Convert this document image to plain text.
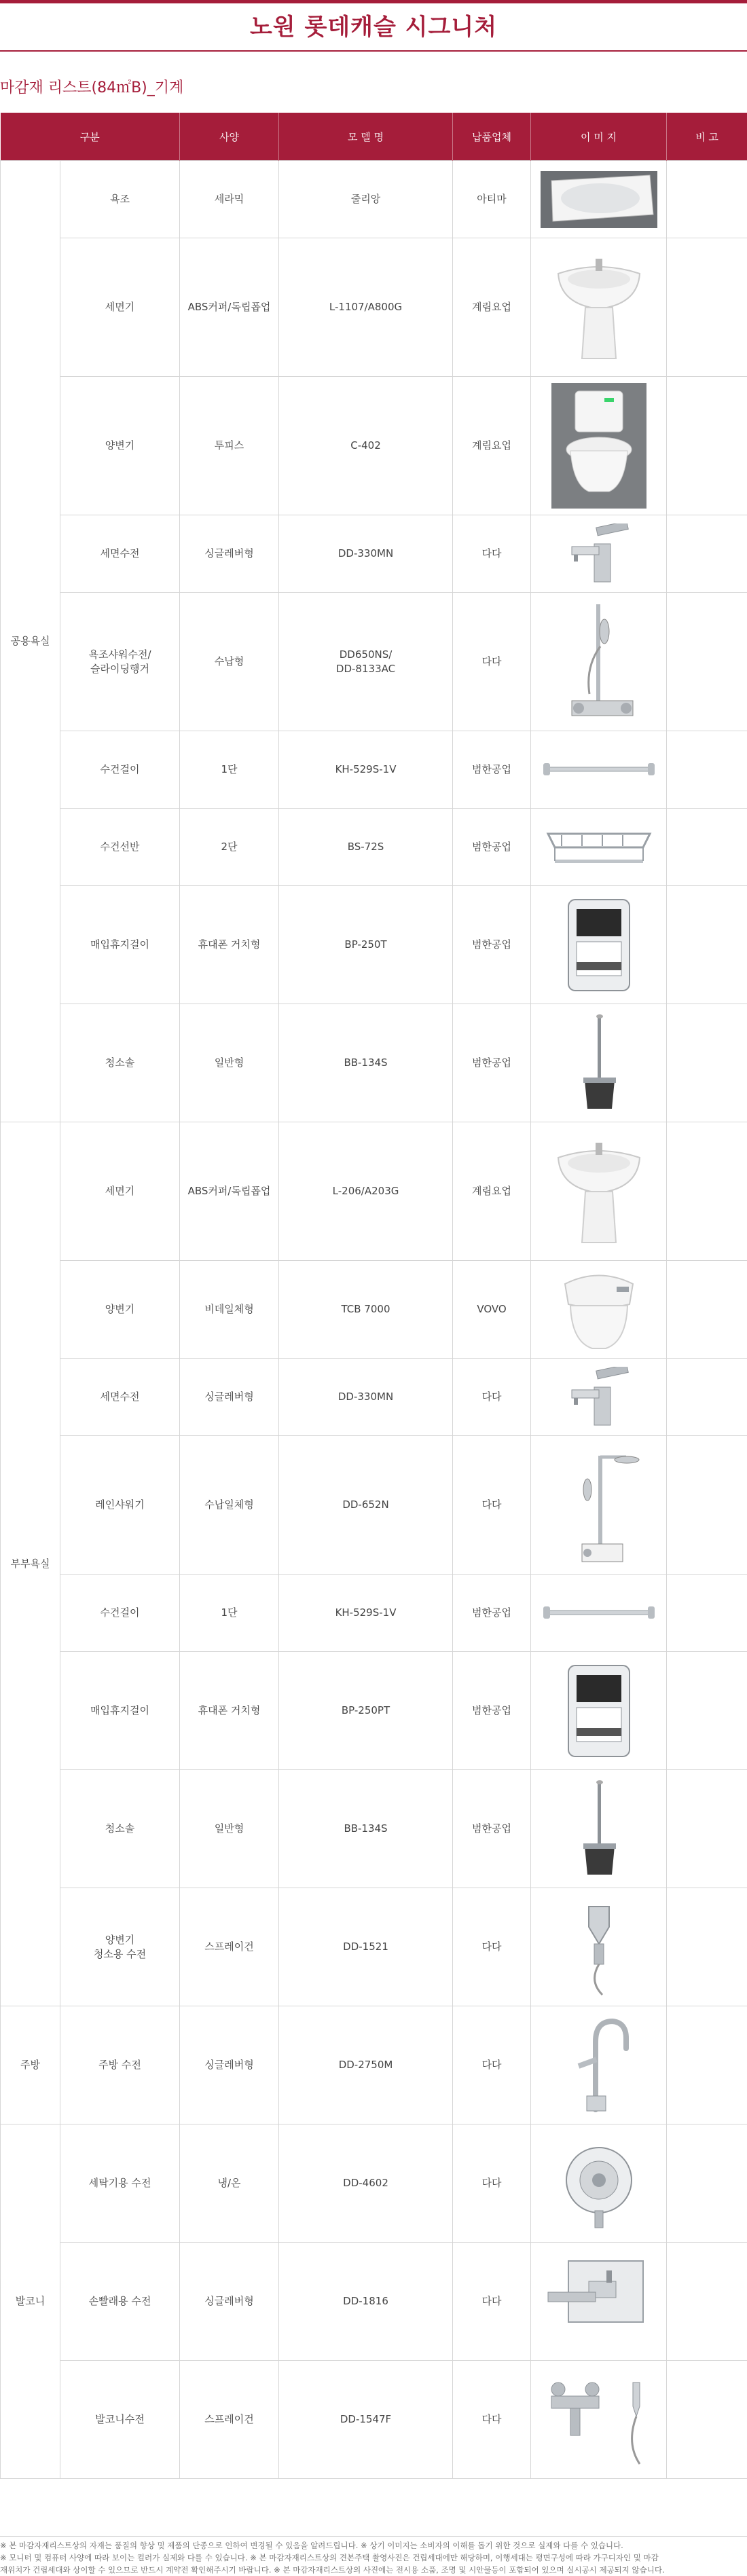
노원 롯데캐슬 시그니처
마감재 리스트(84㎡B)_기계
구분		사양	모 델 명	납품업체	이 미 지	비 고
공용욕실	욕조	세라믹	줄리앙	아티마	

	세면기	ABS커퍼/독립폽업	L-1107/A800G	계림요업	

	양변기	투피스	C-402	계림요업	

	세면수전	싱글레버형	DD-330MN	다다	

	욕조샤워수전/
슬라이딩행거	수납형	DD650NS/
DD-8133AC	다다	

	수건걸이	1단	KH-529S-1V	범한공업	

	수건선반	2단	BS-72S	범한공업	

	매입휴지걸이	휴대폰 거치형	BP-250T	범한공업	

	청소솔	일반형	BB-134S	범한공업	

부부욕실	세면기	ABS커퍼/독립폽업	L-206/A203G	계림요업	

	양변기	비데일체형	TCB 7000	VOVO	

	세면수전	싱글레버형	DD-330MN	다다	

	레인샤워기	수납일체형	DD-652N	다다	

	수건걸이	1단	KH-529S-1V	범한공업	

	매입휴지걸이	휴대폰 거치형	BP-250PT	범한공업	

	청소솔	일반형	BB-134S	범한공업	

	양변기
청소용 수전	스프레이건	DD-1521	다다	

주방	주방 수전	싱글레버형	DD-2750M	다다	

발코니	세탁기용 수전	냉/온	DD-4602	다다	

	손빨래용 수전	싱글레버형	DD-1816	다다	

	발코니수전	스프레이건	DD-1547F	다다	

※ 본 마감자재리스트상의 자재는 품질의 향상 및 제품의 단종으로 인하여 변경될 수 있음을 알려드립니다. ※ 상기 이미지는 소비자의 이해를 돕기 위한 것으로 실제와 다를 수 있습니다.
※ 모니터 및 컴퓨터 사양에 따라 보이는 컬러가 실제와 다를 수 있습니다. ※ 본 마감자재리스트상의 견본주택 촬영사진은 건립세대에만 해당하며, 이행세대는 평면구성에 따라 가구디자인 및 마감
재위치가 건립세대와 상이할 수 있으므로 반드시 계약전 확인해주시기 바랍니다. ※ 본 마감자재리스트상의 사진에는 전시용 소품, 조명 및 시안물등이 포함되어 있으며 실시공시 제공되지 않습니다.
